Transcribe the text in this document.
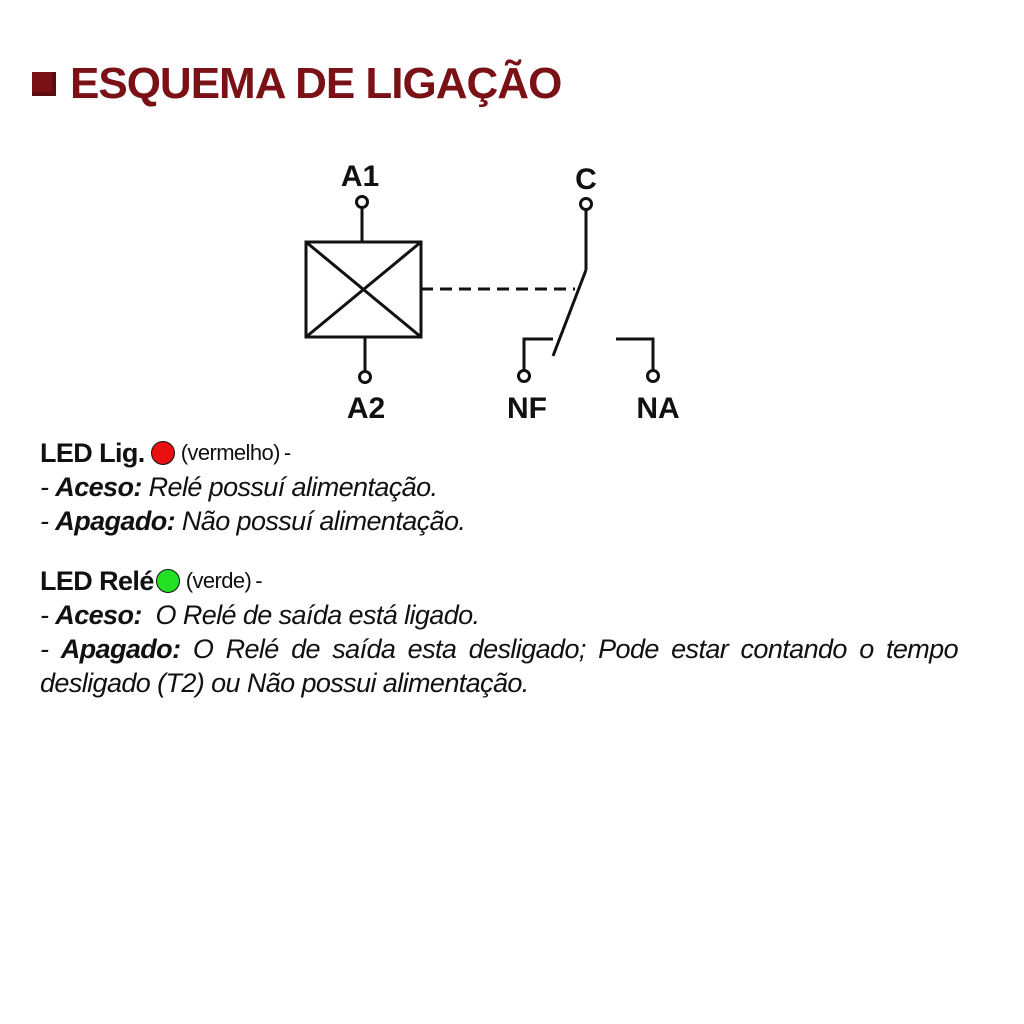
ESQUEMA DE LIGAÇÃO
A1	C
A2	NF	NA
LED Lig. (vermelho) -
- Aceso: Relé possuí alimentação.
- Apagado: Não possuí alimentação.
LED Relé (verde) -
- Aceso:  O Relé de saída está ligado.
- Apagado: O Relé de saída esta desligado; Pode estar contando o tempo desligado (T2) ou Não possui alimentação.
